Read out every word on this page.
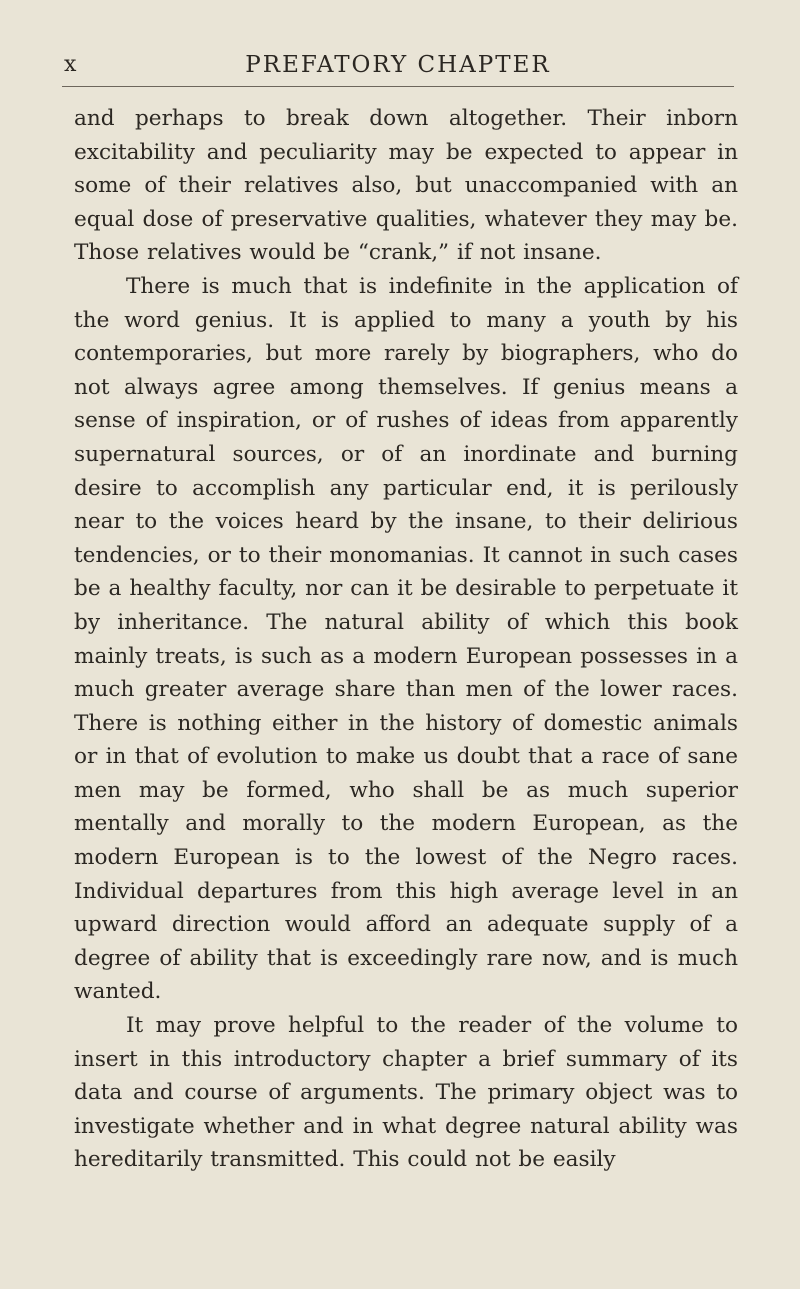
x	PREFATORY CHAPTER

and perhaps to break down altogether. Their inborn excitability and peculiarity may be expected to appear in some of their relatives also, but unaccompanied with an equal dose of preservative qualities, whatever they may be. Those relatives would be “crank,” if not insane.

There is much that is indefinite in the application of the word genius. It is applied to many a youth by his contemporaries, but more rarely by biographers, who do not always agree among themselves. If genius means a sense of inspiration, or of rushes of ideas from apparently supernatural sources, or of an inordinate and burning desire to accomplish any particular end, it is perilously near to the voices heard by the insane, to their delirious tendencies, or to their monomanias. It cannot in such cases be a healthy faculty, nor can it be desirable to perpetuate it by inheritance. The natural ability of which this book mainly treats, is such as a modern European possesses in a much greater average share than men of the lower races. There is nothing either in the history of domestic animals or in that of evolution to make us doubt that a race of sane men may be formed, who shall be as much superior mentally and morally to the modern European, as the modern European is to the lowest of the Negro races. Individual departures from this high average level in an upward direction would afford an adequate supply of a degree of ability that is exceedingly rare now, and is much wanted.

It may prove helpful to the reader of the volume to insert in this introductory chapter a brief summary of its data and course of arguments. The primary object was to investigate whether and in what degree natural ability was hereditarily transmitted. This could not be easily
